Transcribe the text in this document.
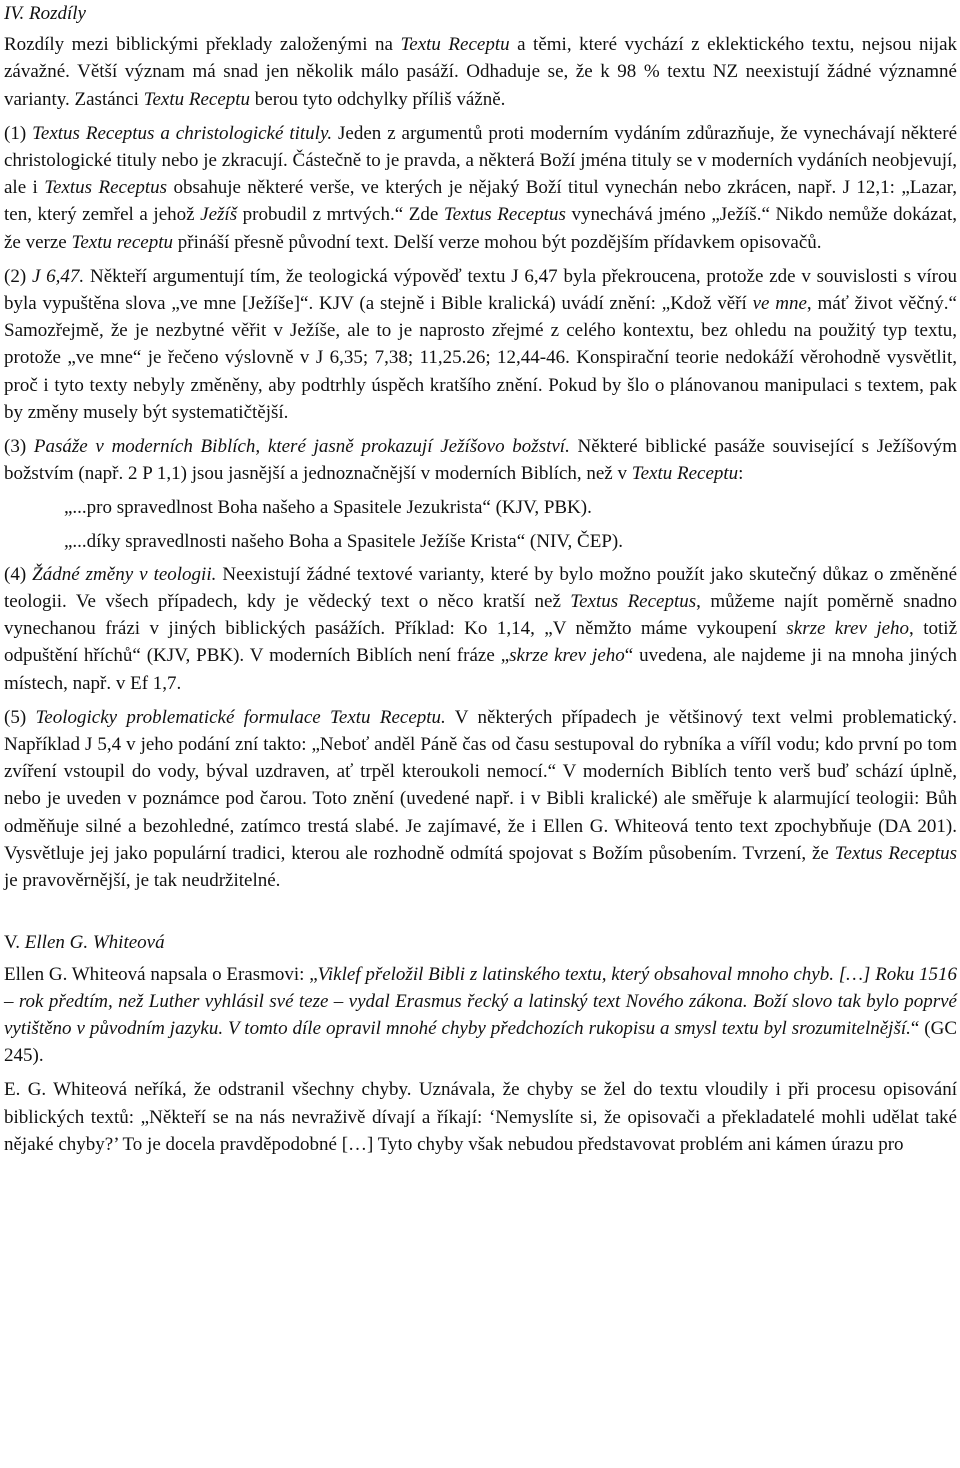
IV. Rozdíly

Rozdíly mezi biblickými překlady založenými na Textu Receptu a těmi, které vychází z eklektického textu, nejsou nijak závažné. Větší význam má snad jen několik málo pasáží. Odhaduje se, že k 98 % textu NZ neexistují žádné významné varianty. Zastánci Textu Receptu berou tyto odchylky příliš vážně.

(1) Textus Receptus a christologické tituly. Jeden z argumentů proti moderním vydáním zdůrazňuje, že vynechávají některé christologické tituly nebo je zkracují. Částečně to je pravda, a některá Boží jména tituly se v moderních vydáních neobjevují, ale i Textus Receptus obsahuje některé verše, ve kterých je nějaký Boží titul vynechán nebo zkrácen, např. J 12,1: „Lazar, ten, který zemřel a jehož Ježíš probudil z mrtvých.“ Zde Textus Receptus vynechává jméno „Ježíš.“ Nikdo nemůže dokázat, že verze Textu receptu přináší přesně původní text. Delší verze mohou být pozdějším přídavkem opisovačů.

(2) J 6,47. Někteří argumentují tím, že teologická výpověď textu J 6,47 byla překroucena, protože zde v souvislosti s vírou byla vypuštěna slova „ve mne [Ježíše]“. KJV (a stejně i Bible kralická) uvádí znění: „Kdož věří ve mne, máť život věčný.“ Samozřejmě, že je nezbytné věřit v Ježíše, ale to je naprosto zřejmé z celého kontextu, bez ohledu na použitý typ textu, protože „ve mne“ je řečeno výslovně v J 6,35; 7,38; 11,25.26; 12,44-46. Konspirační teorie nedokáží věrohodně vysvětlit, proč i tyto texty nebyly změněny, aby podtrhly úspěch kratšího znění. Pokud by šlo o plánovanou manipulaci s textem, pak by změny musely být systematičtější.

(3) Pasáže v moderních Biblích, které jasně prokazují Ježíšovo božství. Některé biblické pasáže související s Ježíšovým božstvím (např. 2 P 1,1) jsou jasnější a jednoznačnější v moderních Biblích, než v Textu Receptu:

„...pro spravedlnost Boha našeho a Spasitele Jezukrista“ (KJV, PBK).
„...díky spravedlnosti našeho Boha a Spasitele Ježíše Krista“ (NIV, ČEP).

(4) Žádné změny v teologii. Neexistují žádné textové varianty, které by bylo možno použít jako skutečný důkaz o změněné teologii. Ve všech případech, kdy je vědecký text o něco kratší než Textus Receptus, můžeme najít poměrně snadno vynechanou frázi v jiných biblických pasážích. Příklad: Ko 1,14, „V němžto máme vykoupení skrze krev jeho, totiž odpuštění hříchů“ (KJV, PBK). V moderních Biblích není fráze „skrze krev jeho“ uvedena, ale najdeme ji na mnoha jiných místech, např. v Ef 1,7.

(5) Teologicky problematické formulace Textu Receptu. V některých případech je většinový text velmi problematický. Například J 5,4 v jeho podání zní takto: „Neboť anděl Páně čas od času sestupoval do rybníka a víříl vodu; kdo první po tom zvíření vstoupil do vody, býval uzdraven, ať trpěl kteroukoli nemocí.“ V moderních Biblích tento verš buď schází úplně, nebo je uveden v poznámce pod čarou. Toto znění (uvedené např. i v Bibli kralické) ale směřuje k alarmující teologii: Bůh odměňuje silné a bezohledné, zatímco trestá slabé. Je zajímavé, že i Ellen G. Whiteová tento text zpochybňuje (DA 201). Vysvětluje jej jako populární tradici, kterou ale rozhodně odmítá spojovat s Božím působením. Tvrzení, že Textus Receptus je pravověrnější, je tak neudržitelné.

V. Ellen G. Whiteová

Ellen G. Whiteová napsala o Erasmovi: „Viklef přeložil Bibli z latinského textu, který obsahoval mnoho chyb. […] Roku 1516 – rok předtím, než Luther vyhlásil své teze – vydal Erasmus řecký a latinský text Nového zákona. Boží slovo tak bylo poprvé vytištěno v původním jazyku. V tomto díle opravil mnohé chyby předchozích rukopisu a smysl textu byl srozumitelnější.“ (GC 245).

E. G. Whiteová neříká, že odstranil všechny chyby. Uznávala, že chyby se žel do textu vloudily i při procesu opisování biblických textů: „Někteří se na nás nevraživě dívají a říkají: ‘Nemyslíte si, že opisovači a překladatelé mohli udělat také nějaké chyby?’ To je docela pravděpodobné […] Tyto chyby však nebudou představovat problém ani kámen úrazu pro
